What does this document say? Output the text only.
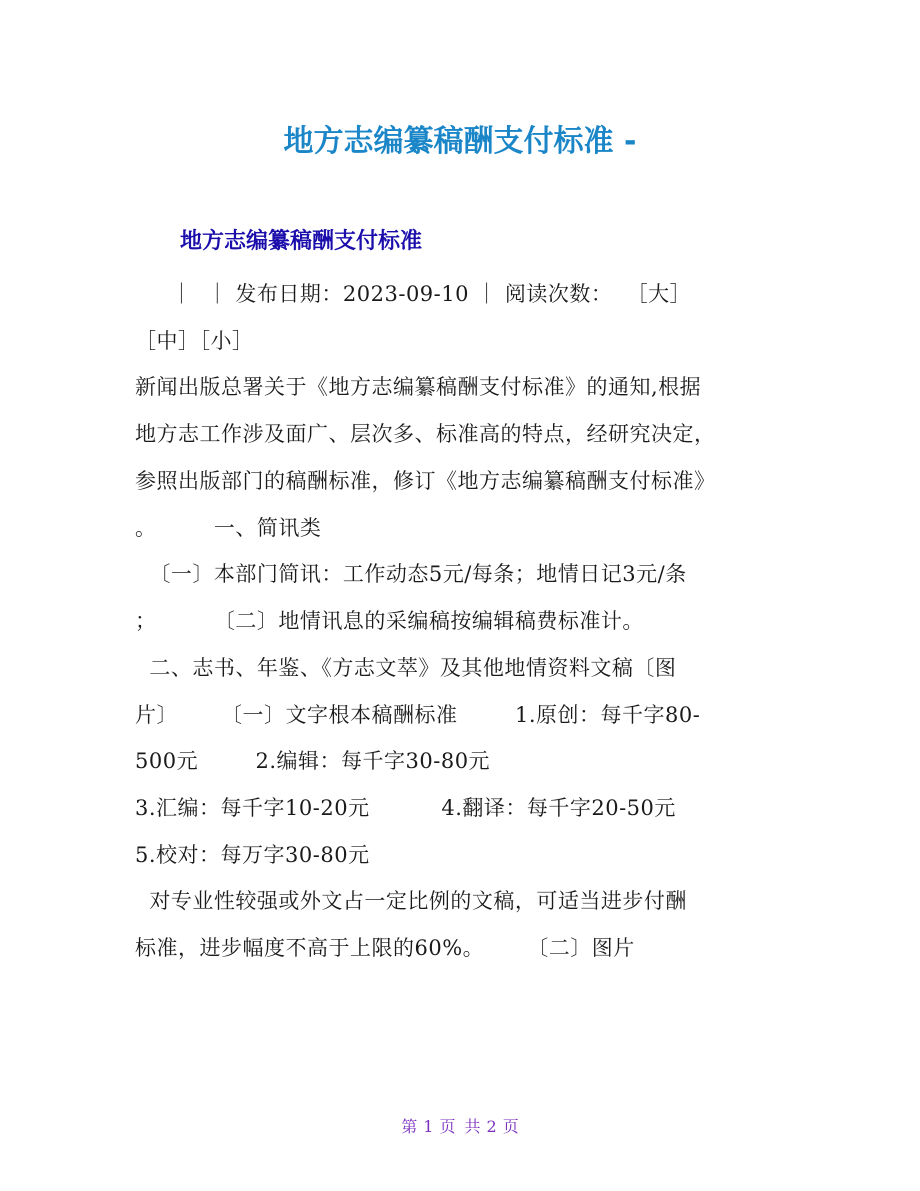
地方志编纂稿酬支付标准 -
地方志编纂稿酬支付标准
｜  ｜ 发布日期：2023-09-10 ｜ 阅读次数：  ［大］
［中］［小］
新闻出版总署关于《地方志编纂稿酬支付标准》的通知,根据
地方志工作涉及面广、层次多、标准高的特点，经研究决定，
参照出版部门的稿酬标准，修订《地方志编纂稿酬支付标准》
。        一、简讯类
〔一〕本部门简讯：工作动态5元/每条；地情日记3元/条
；        〔二〕地情讯息的采编稿按编辑稿费标准计。
二、志书、年鉴、《方志文萃》及其他地情资料文稿〔图
片〕      〔一〕文字根本稿酬标准        1.原创：每千字80-
500元        2.编辑：每千字30-80元
3.汇编：每千字10-20元          4.翻译：每千字20-50元
5.校对：每万字30-80元
对专业性较强或外文占一定比例的文稿，可适当进步付酬
标准，进步幅度不高于上限的60%。      〔二〕图片
第 1 页 共 2 页
